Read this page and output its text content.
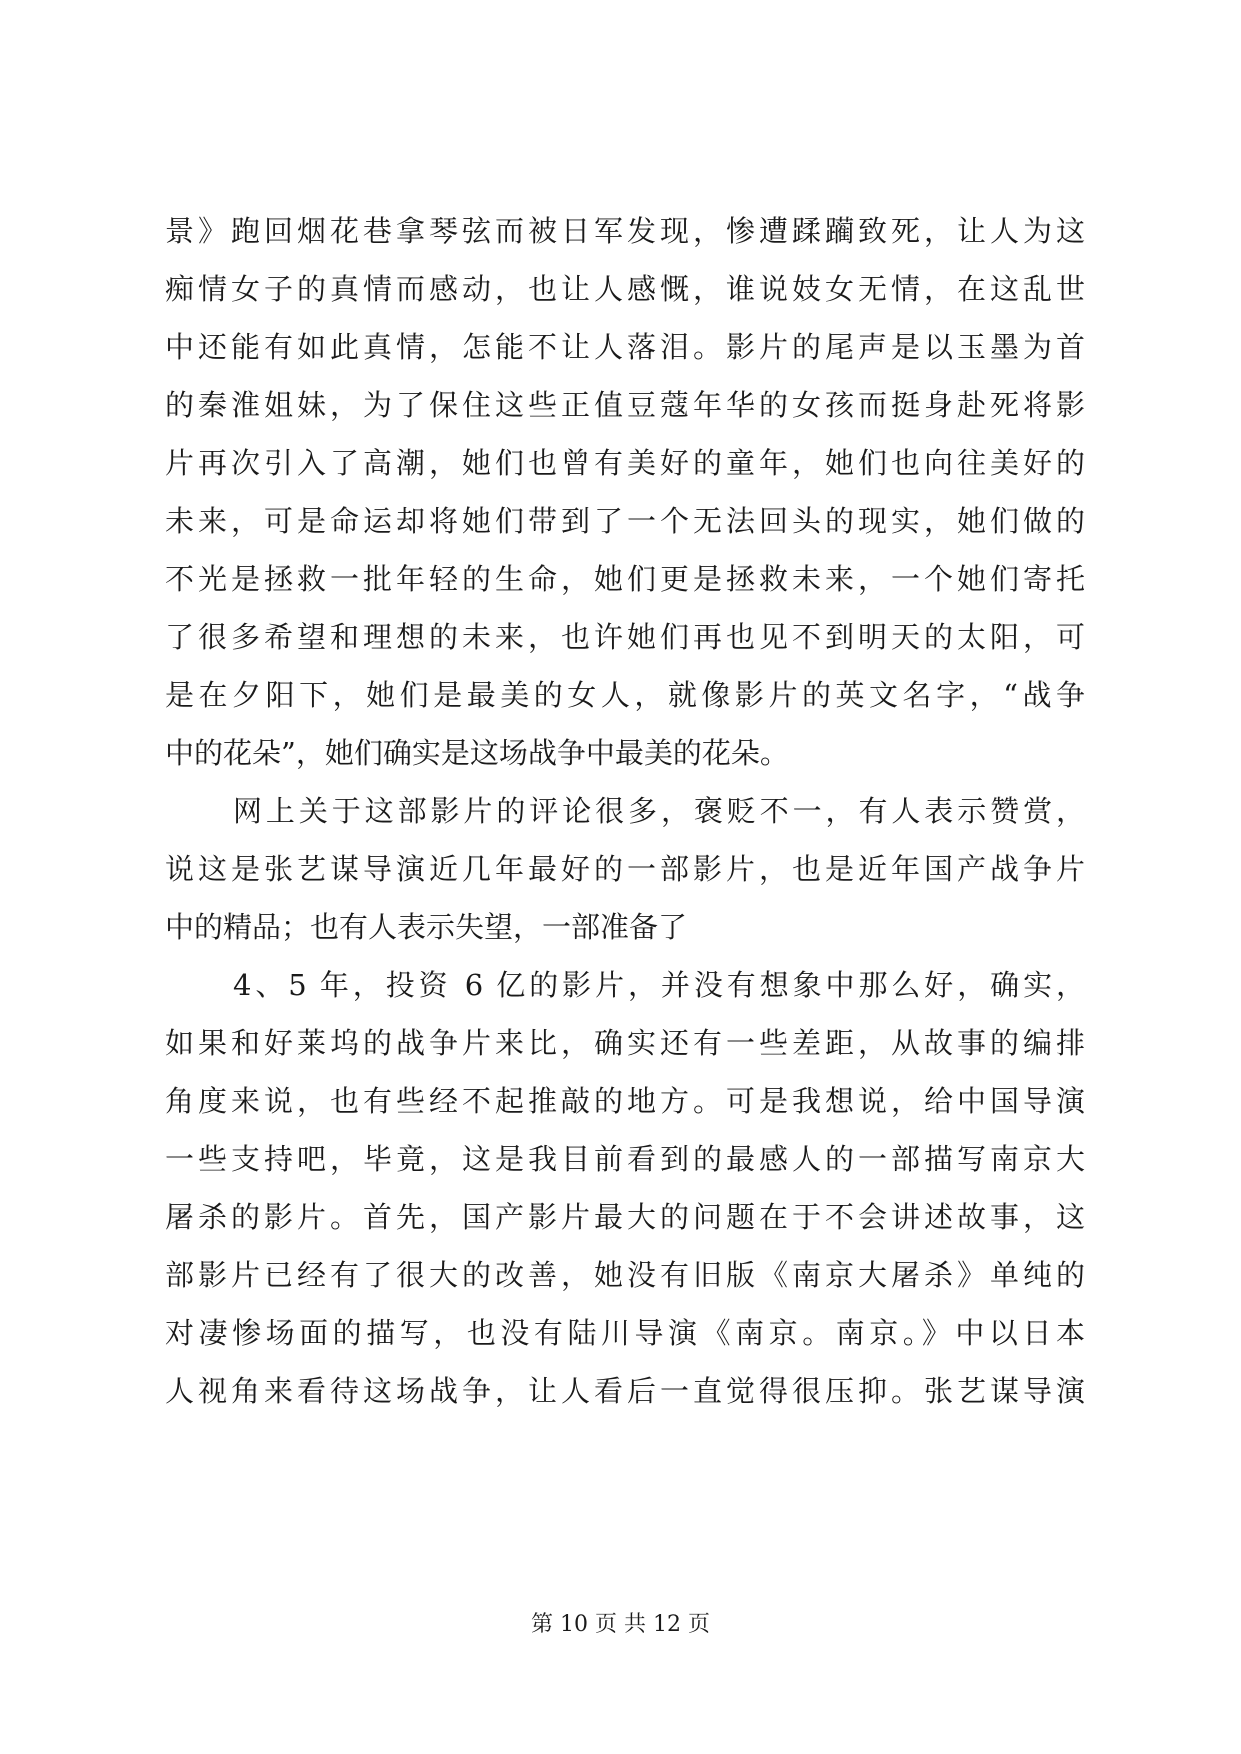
景》跑回烟花巷拿琴弦而被日军发现，惨遭蹂躏致死，让人为这
痴情女子的真情而感动，也让人感慨，谁说妓女无情，在这乱世
中还能有如此真情，怎能不让人落泪。影片的尾声是以玉墨为首
的秦淮姐妹，为了保住这些正值豆蔻年华的女孩而挺身赴死将影
片再次引入了高潮，她们也曾有美好的童年，她们也向往美好的
未来，可是命运却将她们带到了一个无法回头的现实，她们做的
不光是拯救一批年轻的生命，她们更是拯救未来，一个她们寄托
了很多希望和理想的未来，也许她们再也见不到明天的太阳，可
是在夕阳下，她们是最美的女人，就像影片的英文名字，“战争
中的花朵”，她们确实是这场战争中最美的花朵。
网上关于这部影片的评论很多，褒贬不一，有人表示赞赏，
说这是张艺谋导演近几年最好的一部影片，也是近年国产战争片
中的精品；也有人表示失望，一部准备了
4、5 年，投资 6 亿的影片，并没有想象中那么好，确实，
如果和好莱坞的战争片来比，确实还有一些差距，从故事的编排
角度来说，也有些经不起推敲的地方。可是我想说，给中国导演
一些支持吧，毕竟，这是我目前看到的最感人的一部描写南京大
屠杀的影片。首先，国产影片最大的问题在于不会讲述故事，这
部影片已经有了很大的改善，她没有旧版《南京大屠杀》单纯的
对凄惨场面的描写，也没有陆川导演《南京。南京。》中以日本
人视角来看待这场战争，让人看后一直觉得很压抑。张艺谋导演
第 10 页 共 12 页
